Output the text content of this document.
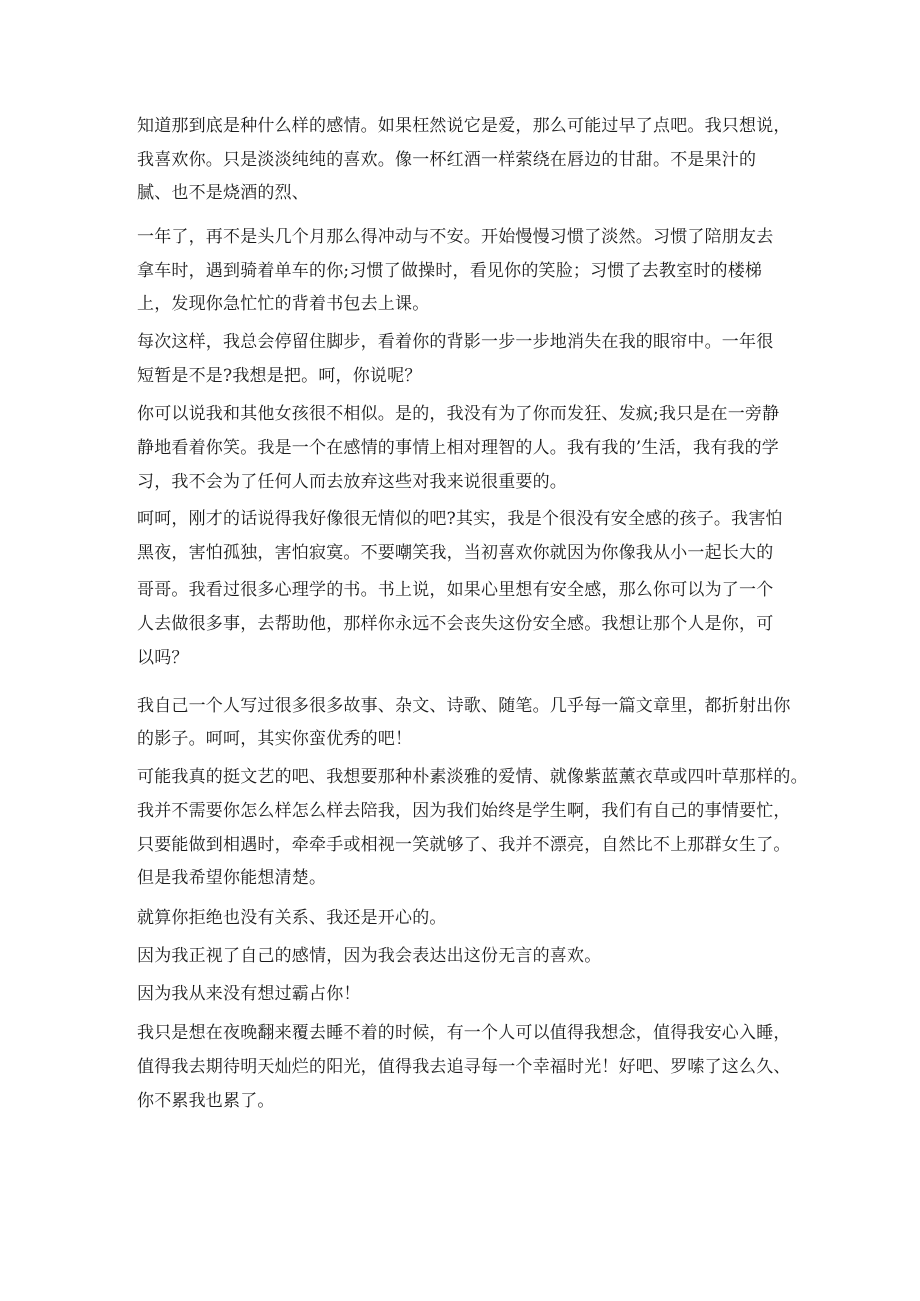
知道那到底是种什么样的感情。如果枉然说它是爱，那么可能过早了点吧。我只想说，

我喜欢你。只是淡淡纯纯的喜欢。像一杯红酒一样萦绕在唇边的甘甜。不是果汁的

腻、也不是烧酒的烈、

一年了，再不是头几个月那么得冲动与不安。开始慢慢习惯了淡然。习惯了陪朋友去

拿车时，遇到骑着单车的你;习惯了做操时，看见你的笑脸；习惯了去教室时的楼梯

上，发现你急忙忙的背着书包去上课。

每次这样，我总会停留住脚步，看着你的背影一步一步地消失在我的眼帘中。一年很

短暂是不是?我想是把。呵，你说呢？

你可以说我和其他女孩很不相似。是的，我没有为了你而发狂、发疯;我只是在一旁静

静地看着你笑。我是一个在感情的事情上相对理智的人。我有我的’生活，我有我的学

习，我不会为了任何人而去放弃这些对我来说很重要的。

呵呵，刚才的话说得我好像很无情似的吧?其实，我是个很没有安全感的孩子。我害怕

黑夜，害怕孤独，害怕寂寞。不要嘲笑我，当初喜欢你就因为你像我从小一起长大的

哥哥。我看过很多心理学的书。书上说，如果心里想有安全感，那么你可以为了一个

人去做很多事，去帮助他，那样你永远不会丧失这份安全感。我想让那个人是你，可

以吗？

我自己一个人写过很多很多故事、杂文、诗歌、随笔。几乎每一篇文章里，都折射出你

的影子。呵呵，其实你蛮优秀的吧！

可能我真的挺文艺的吧、我想要那种朴素淡雅的爱情、就像紫蓝薰衣草或四叶草那样的。

我并不需要你怎么样怎么样去陪我，因为我们始终是学生啊，我们有自己的事情要忙，

只要能做到相遇时，牵牵手或相视一笑就够了、我并不漂亮，自然比不上那群女生了。

但是我希望你能想清楚。

就算你拒绝也没有关系、我还是开心的。

因为我正视了自己的感情，因为我会表达出这份无言的喜欢。

因为我从来没有想过霸占你！

我只是想在夜晚翻来覆去睡不着的时候，有一个人可以值得我想念，值得我安心入睡，

值得我去期待明天灿烂的阳光，值得我去追寻每一个幸福时光！好吧、罗嗦了这么久、

你不累我也累了。
